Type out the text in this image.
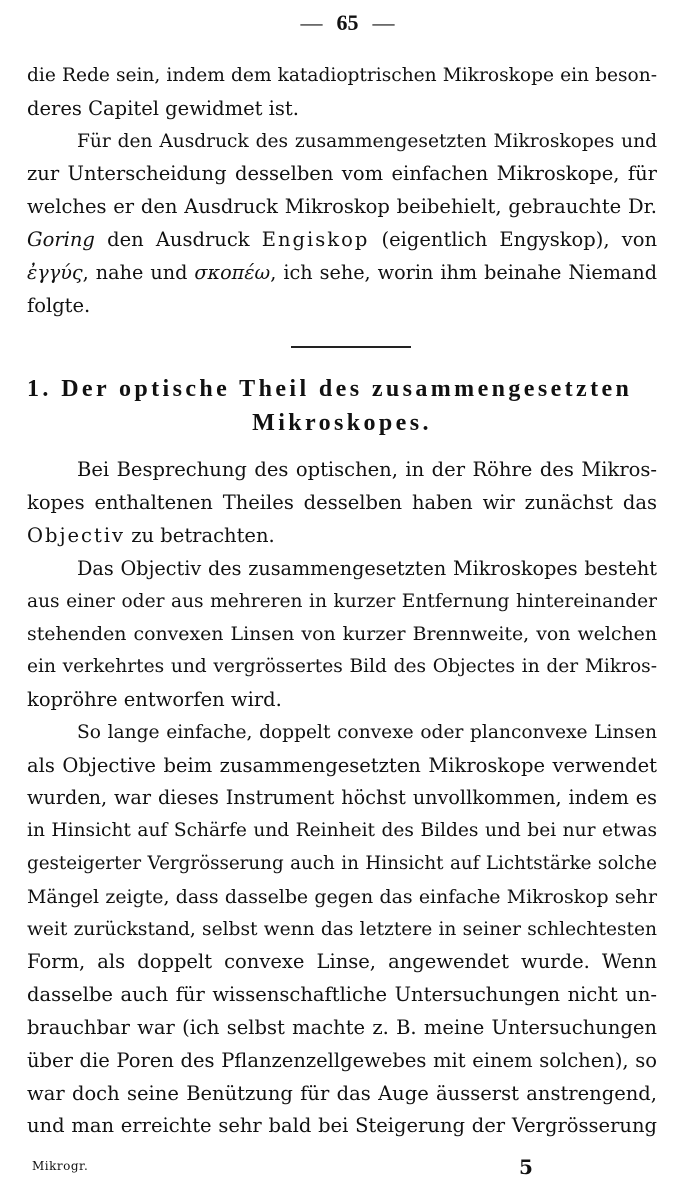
— 65 —
die Rede sein, indem dem katadioptrischen Mikroskope ein beson-
deres Capitel gewidmet ist.
Für den Ausdruck des zusammengesetzten Mikroskopes und
zur Unterscheidung desselben vom einfachen Mikroskope, für
welches er den Ausdruck Mikroskop beibehielt, gebrauchte Dr.
Goring den Ausdruck Engiskop (eigentlich Engyskop), von
ἐγγύς, nahe und σκοπέω, ich sehe, worin ihm beinahe Niemand
folgte.
1. Der optische Theil des zusammengesetzten
Mikroskopes.
Bei Besprechung des optischen, in der Röhre des Mikros-
kopes enthaltenen Theiles desselben haben wir zunächst das
Objectiv zu betrachten.
Das Objectiv des zusammengesetzten Mikroskopes besteht
aus einer oder aus mehreren in kurzer Entfernung hintereinander
stehenden convexen Linsen von kurzer Brennweite, von welchen
ein verkehrtes und vergrössertes Bild des Objectes in der Mikros-
kopröhre entworfen wird.
So lange einfache, doppelt convexe oder planconvexe Linsen
als Objective beim zusammengesetzten Mikroskope verwendet
wurden, war dieses Instrument höchst unvollkommen, indem es
in Hinsicht auf Schärfe und Reinheit des Bildes und bei nur etwas
gesteigerter Vergrösserung auch in Hinsicht auf Lichtstärke solche
Mängel zeigte, dass dasselbe gegen das einfache Mikroskop sehr
weit zurückstand, selbst wenn das letztere in seiner schlechtesten
Form, als doppelt convexe Linse, angewendet wurde. Wenn
dasselbe auch für wissenschaftliche Untersuchungen nicht un-
brauchbar war (ich selbst machte z. B. meine Untersuchungen
über die Poren des Pflanzenzellgewebes mit einem solchen), so
war doch seine Benützung für das Auge äusserst anstrengend,
und man erreichte sehr bald bei Steigerung der Vergrösserung
Mikrogr.	5
